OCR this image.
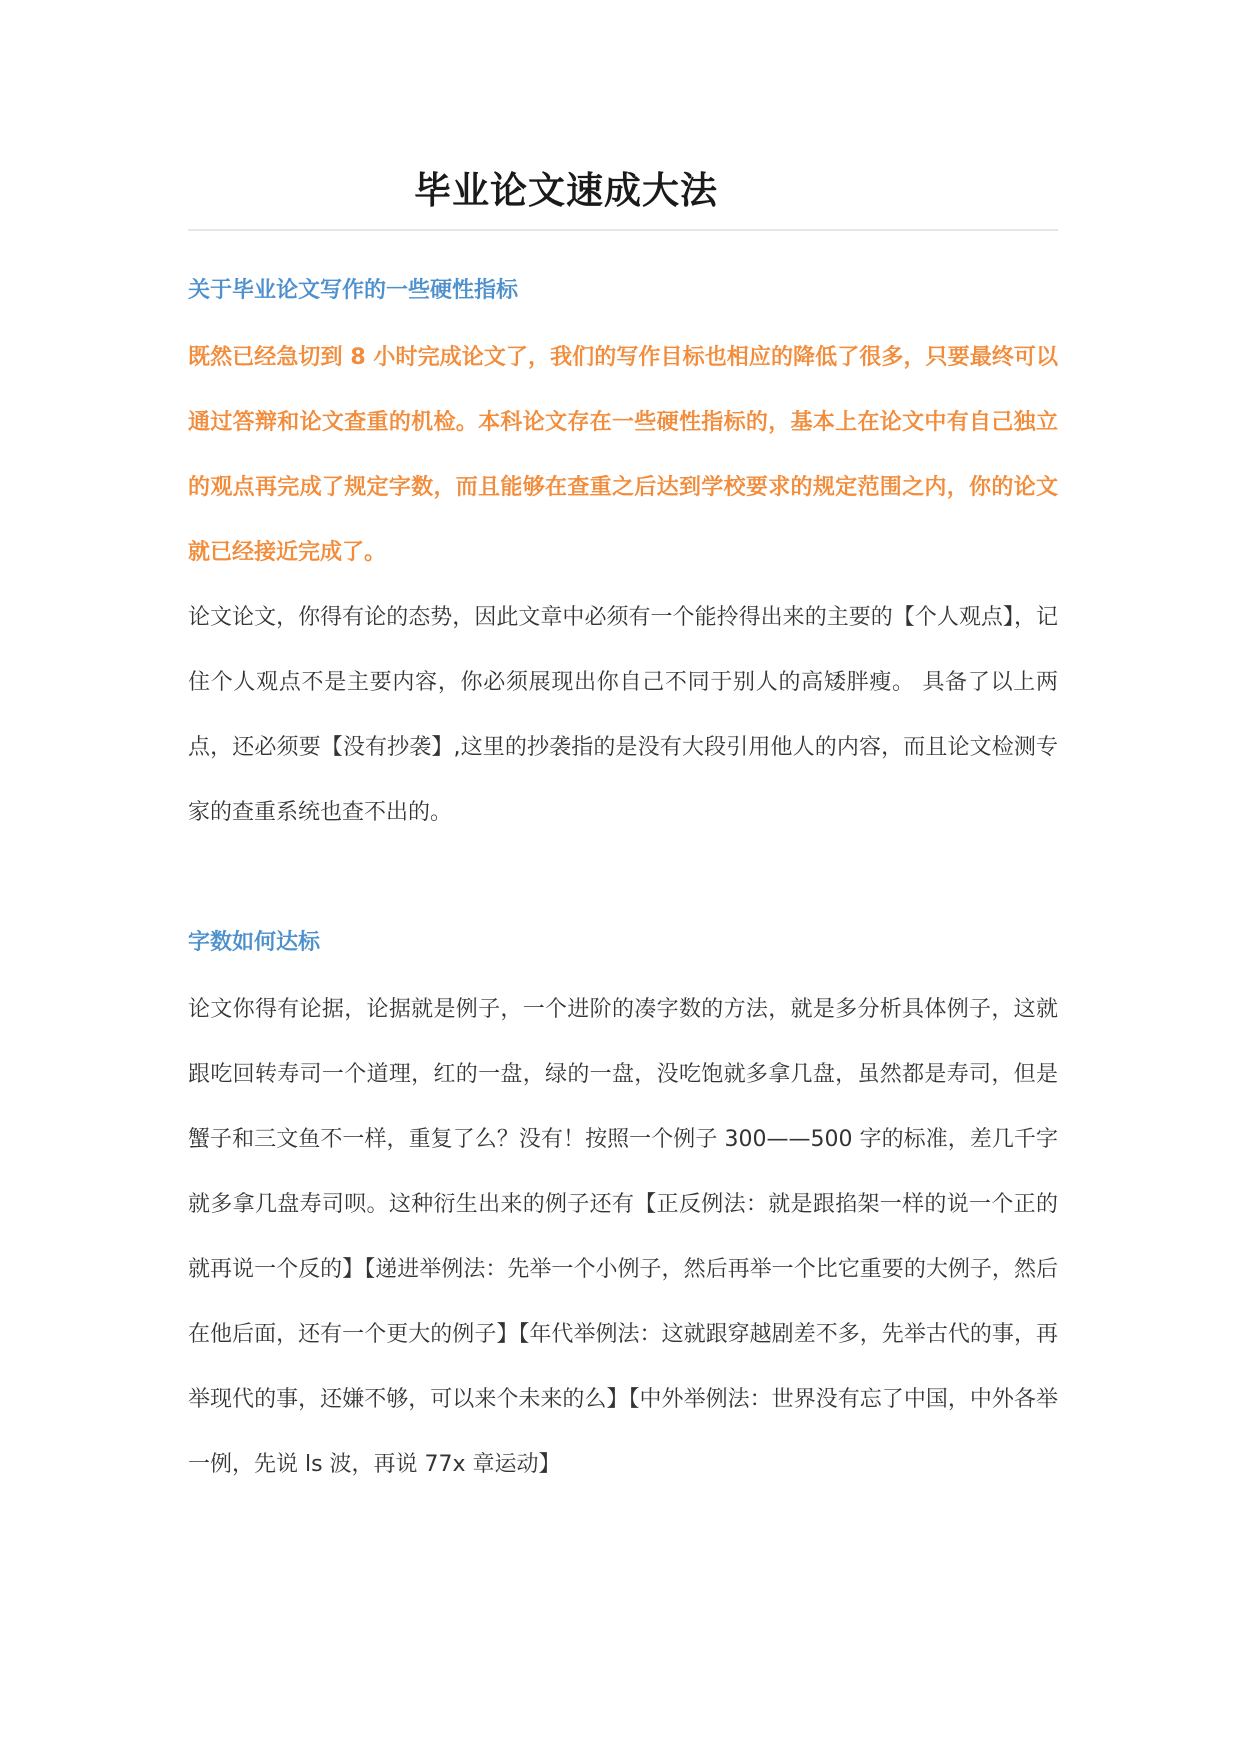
毕业论文速成大法
关于毕业论文写作的一些硬性指标

既然已经急切到 8 小时完成论文了，我们的写作目标也相应的降低了很多，只要最终可以通过答辩和论文查重的机检。本科论文存在一些硬性指标的，基本上在论文中有自己独立的观点再完成了规定字数，而且能够在查重之后达到学校要求的规定范围之内，你的论文就已经接近完成了。

论文论文，你得有论的态势，因此文章中必须有一个能拎得出来的主要的【个人观点】，记住个人观点不是主要内容，你必须展现出你自己不同于别人的高矮胖瘦。 具备了以上两点，还必须要【没有抄袭】,这里的抄袭指的是没有大段引用他人的内容，而且论文检测专家的查重系统也查不出的。

字数如何达标

论文你得有论据，论据就是例子，一个进阶的凑字数的方法，就是多分析具体例子，这就跟吃回转寿司一个道理，红的一盘，绿的一盘，没吃饱就多拿几盘，虽然都是寿司，但是蟹子和三文鱼不一样，重复了么？没有！按照一个例子 300——500 字的标准，差几千字就多拿几盘寿司呗。这种衍生出来的例子还有【正反例法：就是跟掐架一样的说一个正的就再说一个反的】【递进举例法：先举一个小例子，然后再举一个比它重要的大例子，然后在他后面，还有一个更大的例子】【年代举例法：这就跟穿越剧差不多，先举古代的事，再举现代的事，还嫌不够，可以来个未来的么】【中外举例法：世界没有忘了中国，中外各举一例，先说 ls 波，再说 77x 章运动】
